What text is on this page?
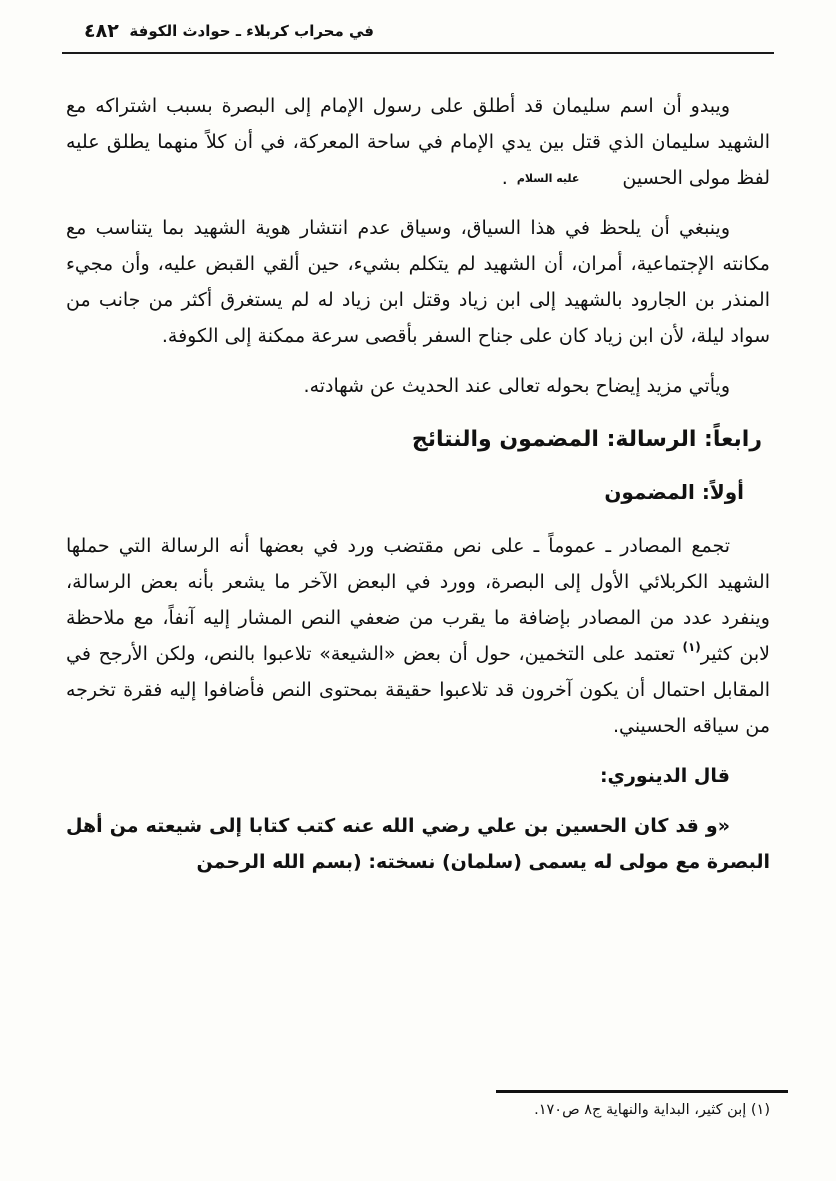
في محراب كربلاء ـ حوادث الكوفة
٤٨٢

ويبدو أن اسم سليمان قد أطلق على رسول الإمام إلى البصرة بسبب اشتراكه مع الشهيد سليمان الذي قتل بين يدي الإمام في ساحة المعركة، في أن كلاً منهما يطلق عليه لفظ مولى الحسينعليه السلام .

وينبغي أن يلحظ في هذا السياق، وسياق عدم انتشار هوية الشهيد بما يتناسب مع مكانته الإجتماعية، أمران، أن الشهيد لم يتكلم بشيء، حين ألقي القبض عليه، وأن مجيء المنذر بن الجارود بالشهيد إلى ابن زياد وقتل ابن زياد له لم يستغرق أكثر من جانب من سواد ليلة، لأن ابن زياد كان على جناح السفر بأقصى سرعة ممكنة إلى الكوفة.

ويأتي مزيد إيضاح بحوله تعالى عند الحديث عن شهادته.

رابعاً: الرسالة: المضمون والنتائج
أولاً: المضمون

تجمع المصادر ـ عموماً ـ على نص مقتضب ورد في بعضها أنه الرسالة التي حملها الشهيد الكربلائي الأول إلى البصرة، وورد في البعض الآخر ما يشعر بأنه بعض الرسالة، وينفرد عدد من المصادر بإضافة ما يقرب من ضعفي النص المشار إليه آنفاً، مع ملاحظة لابن كثير$^{(١)}$ تعتمد على التخمين، حول أن بعض «الشيعة» تلاعبوا بالنص، ولكن الأرجح في المقابل احتمال أن يكون آخرون قد تلاعبوا حقيقة بمحتوى النص فأضافوا إليه فقرة تخرجه من سياقه الحسيني.

قال الدينوري:

«و قد كان الحسين بن علي رضي الله عنه كتب كتابا إلى شيعته من أهل البصرة مع مولى له يسمى (سلمان) نسخته: (بسم الله الرحمن

(١) إبن كثير، البداية والنهاية ج٨ ص١٧٠.
